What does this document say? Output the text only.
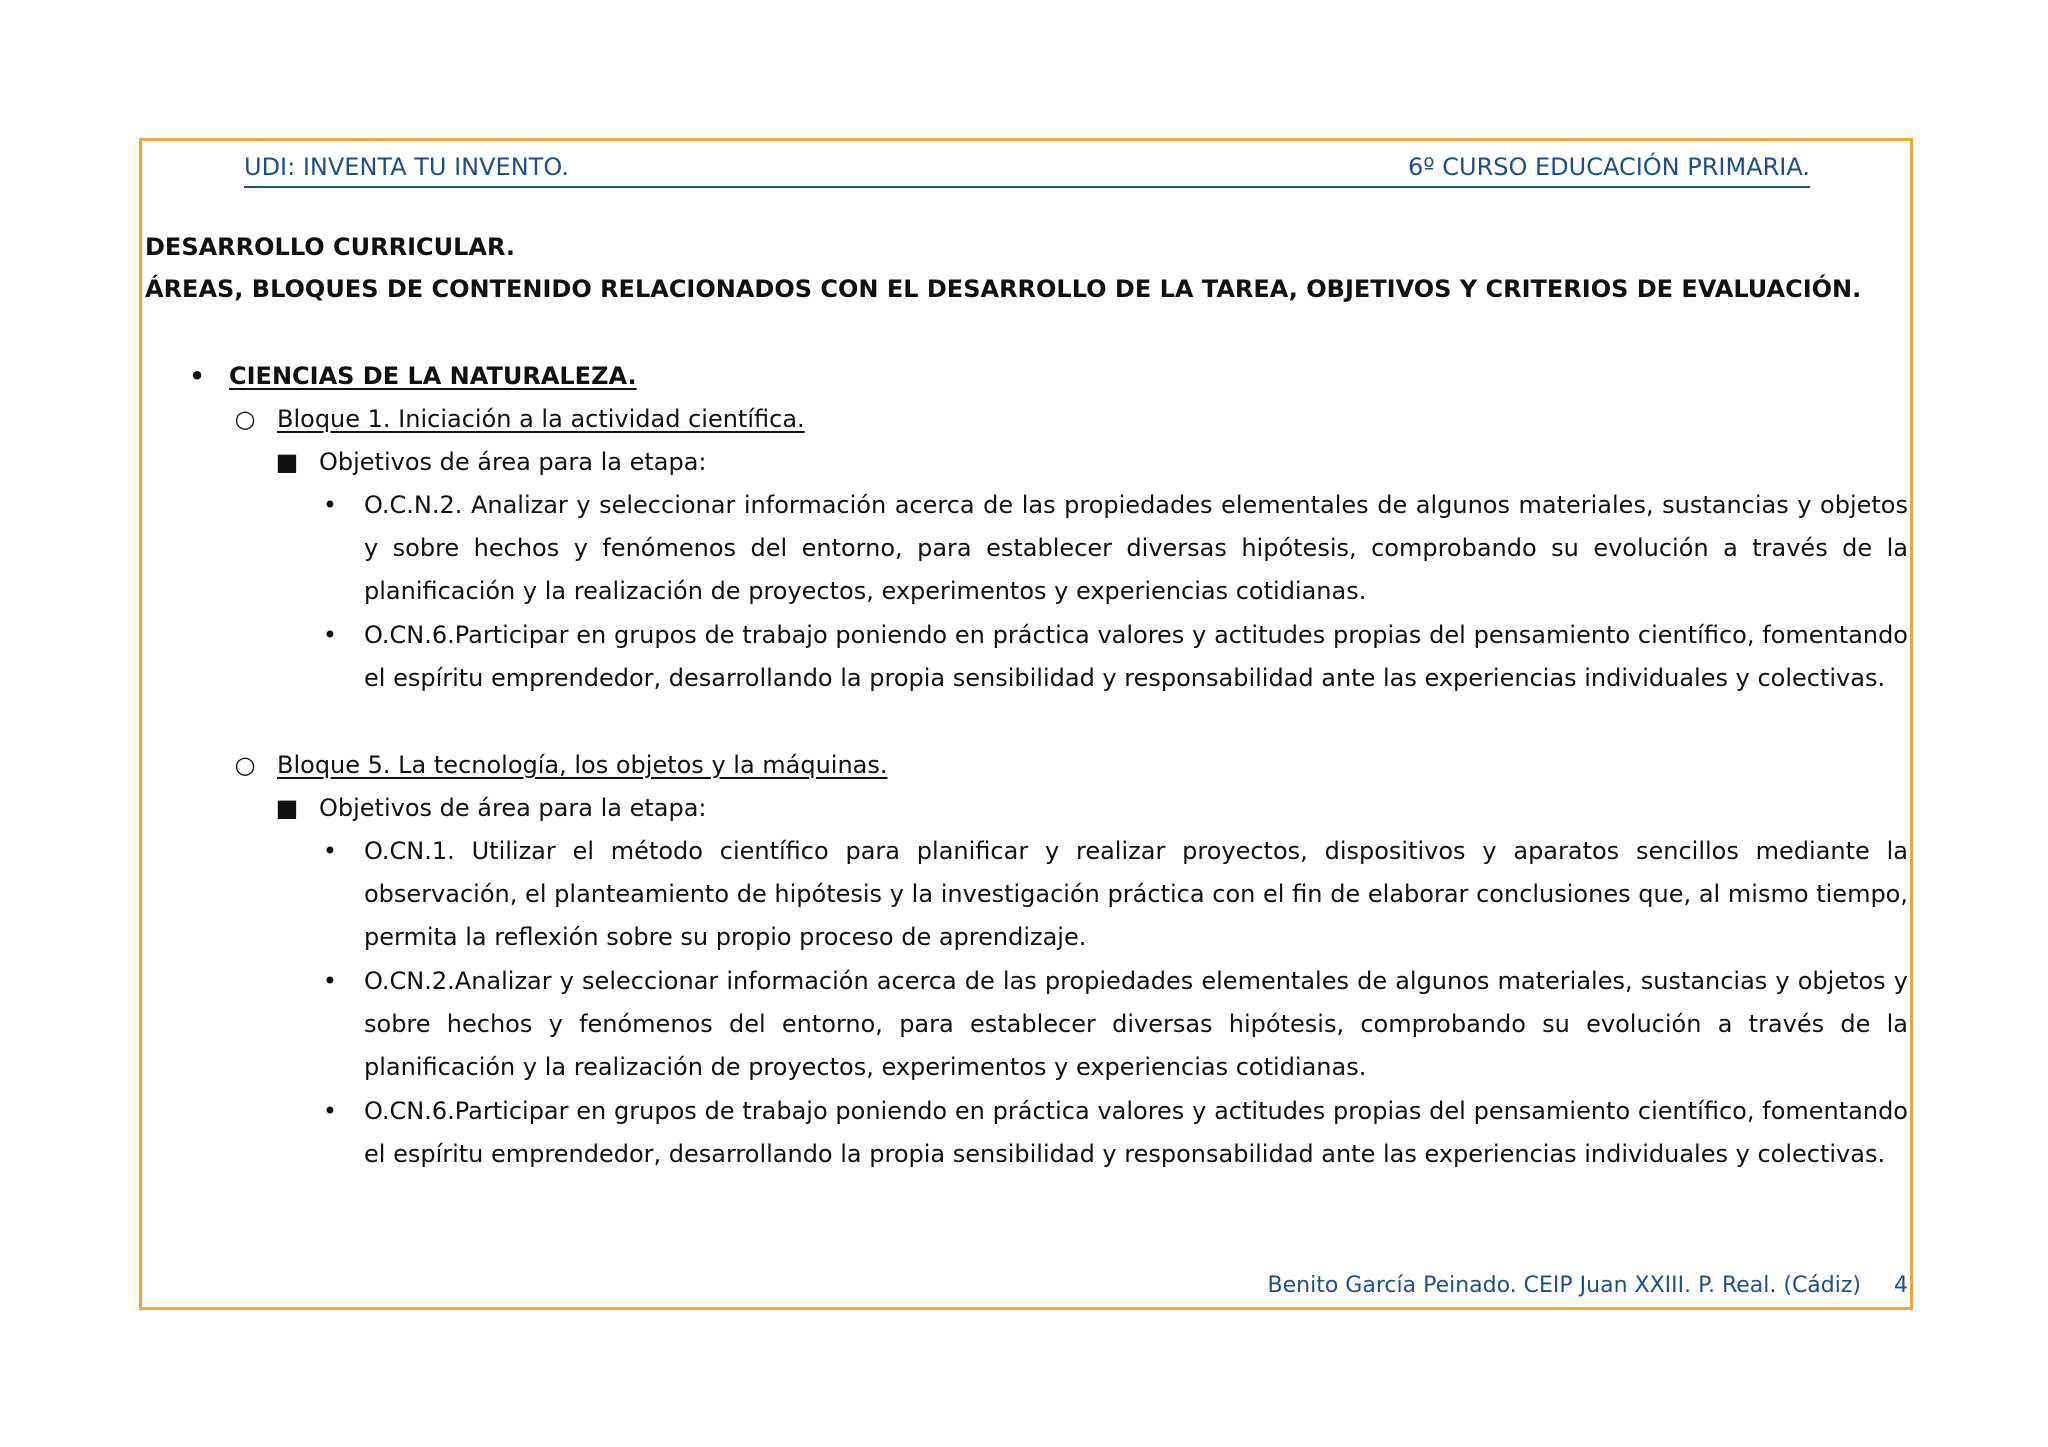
UDI: INVENTA TU INVENTO.	6º CURSO EDUCACIÓN PRIMARIA.
DESARROLLO CURRICULAR.
ÁREAS, BLOQUES DE CONTENIDO RELACIONADOS CON EL DESARROLLO DE LA TAREA, OBJETIVOS Y CRITERIOS DE EVALUACIÓN.
• CIENCIAS DE LA NATURALEZA.
○ Bloque 1. Iniciación a la actividad científica.
■ Objetivos de área para la etapa:
• O.C.N.2. Analizar y seleccionar información acerca de las propiedades elementales de algunos materiales, sustancias y objetos y sobre hechos y fenómenos del entorno, para establecer diversas hipótesis, comprobando su evolución a través de la planificación y la realización de proyectos, experimentos y experiencias cotidianas.
• O.CN.6.Participar en grupos de trabajo poniendo en práctica valores y actitudes propias del pensamiento científico, fomentando el espíritu emprendedor, desarrollando la propia sensibilidad y responsabilidad ante las experiencias individuales y colectivas.
○ Bloque 5. La tecnología, los objetos y la máquinas.
■ Objetivos de área para la etapa:
• O.CN.1. Utilizar el método científico para planificar y realizar proyectos, dispositivos y aparatos sencillos mediante la observación, el planteamiento de hipótesis y la investigación práctica con el fin de elaborar conclusiones que, al mismo tiempo, permita la reflexión sobre su propio proceso de aprendizaje.
• O.CN.2.Analizar y seleccionar información acerca de las propiedades elementales de algunos materiales, sustancias y objetos y sobre hechos y fenómenos del entorno, para establecer diversas hipótesis, comprobando su evolución a través de la planificación y la realización de proyectos, experimentos y experiencias cotidianas.
• O.CN.6.Participar en grupos de trabajo poniendo en práctica valores y actitudes propias del pensamiento científico, fomentando el espíritu emprendedor, desarrollando la propia sensibilidad y responsabilidad ante las experiencias individuales y colectivas.
Benito García Peinado. CEIP Juan XXIII. P. Real. (Cádiz) 4
